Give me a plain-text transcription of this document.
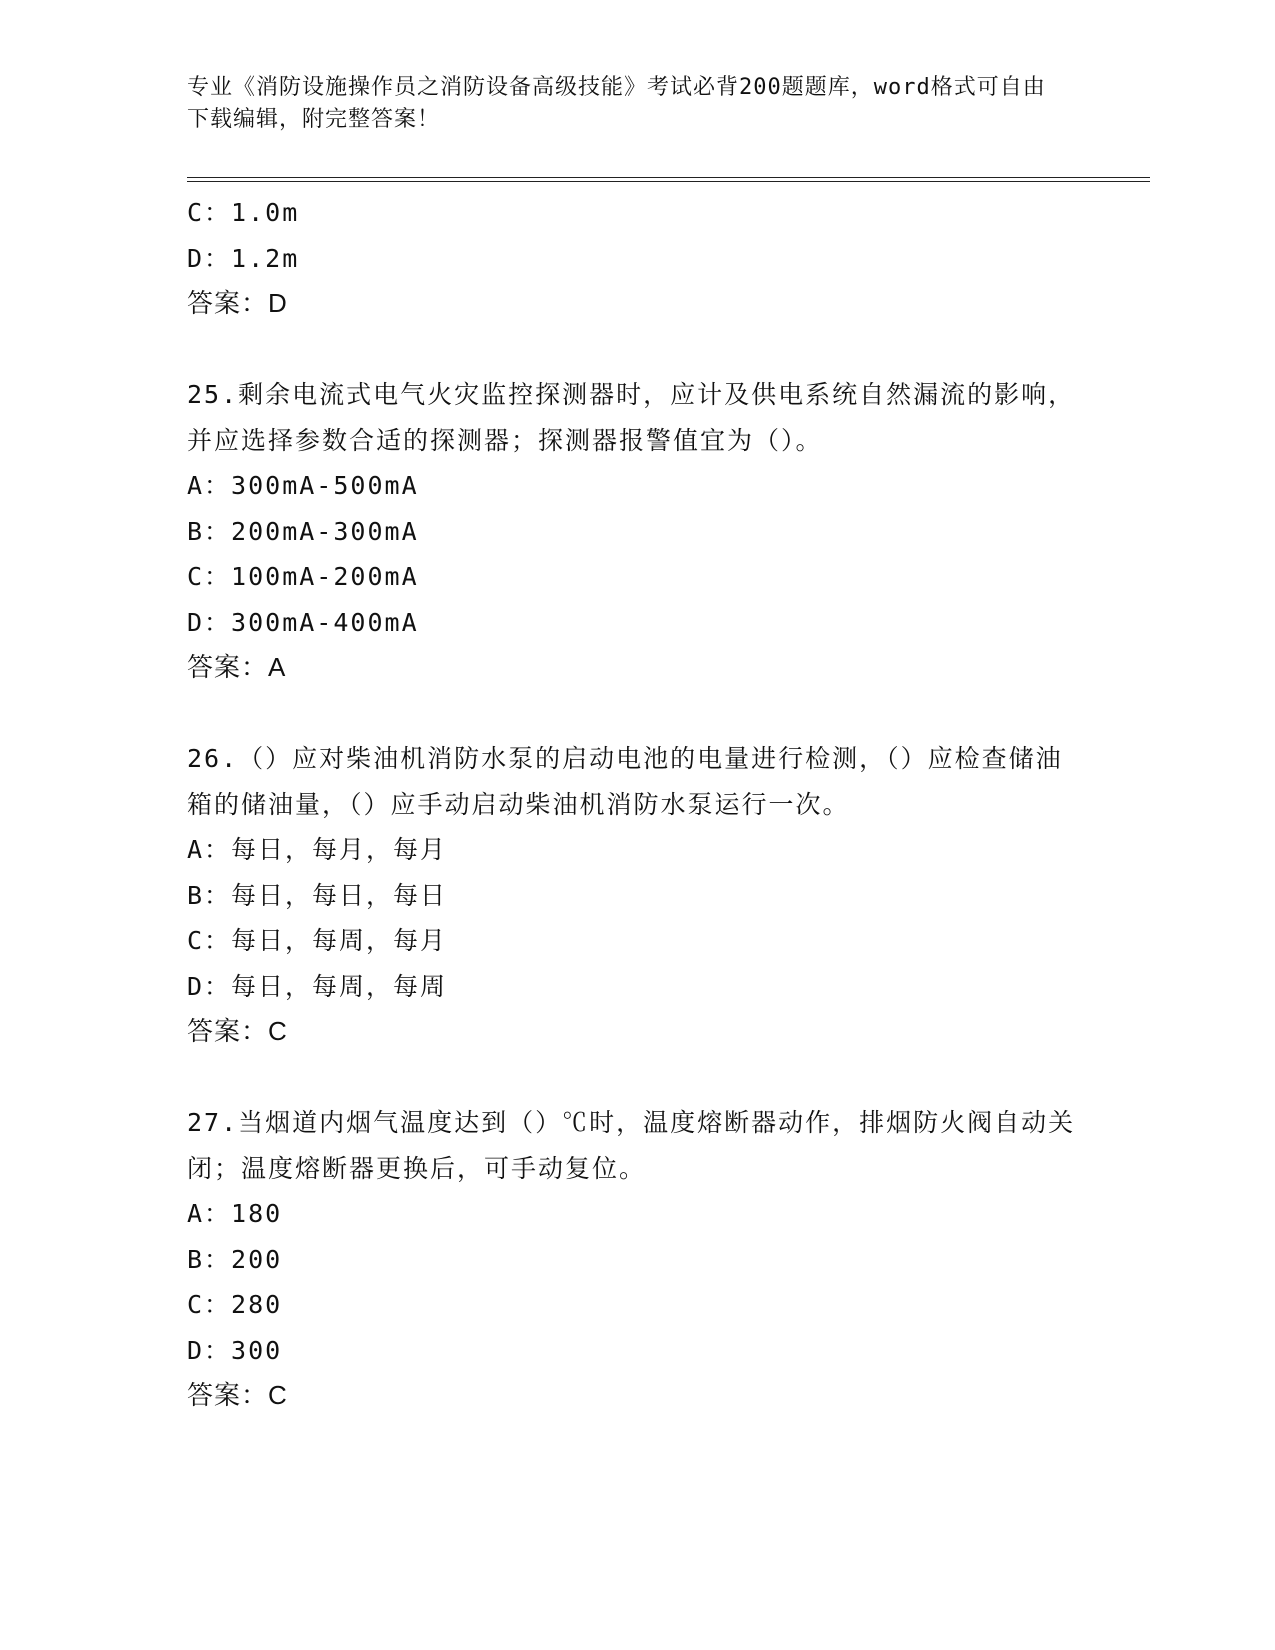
专业《消防设施操作员之消防设备高级技能》考试必背200题题库，word格式可自由下载编辑，附完整答案！
C：1.0m
D：1.2m
答案：D
25.剩余电流式电气火灾监控探测器时，应计及供电系统自然漏流的影响，并应选择参数合适的探测器；探测器报警值宜为（）。
A：300mA-500mA
B：200mA-300mA
C：100mA-200mA
D：300mA-400mA
答案：A
26.（）应对柴油机消防水泵的启动电池的电量进行检测，（）应检查储油箱的储油量，（）应手动启动柴油机消防水泵运行一次。
A：每日，每月，每月
B：每日，每日，每日
C：每日，每周，每月
D：每日，每周，每周
答案：C
27.当烟道内烟气温度达到（）℃时，温度熔断器动作，排烟防火阀自动关闭；温度熔断器更换后，可手动复位。
A：180
B：200
C：280
D：300
答案：C
